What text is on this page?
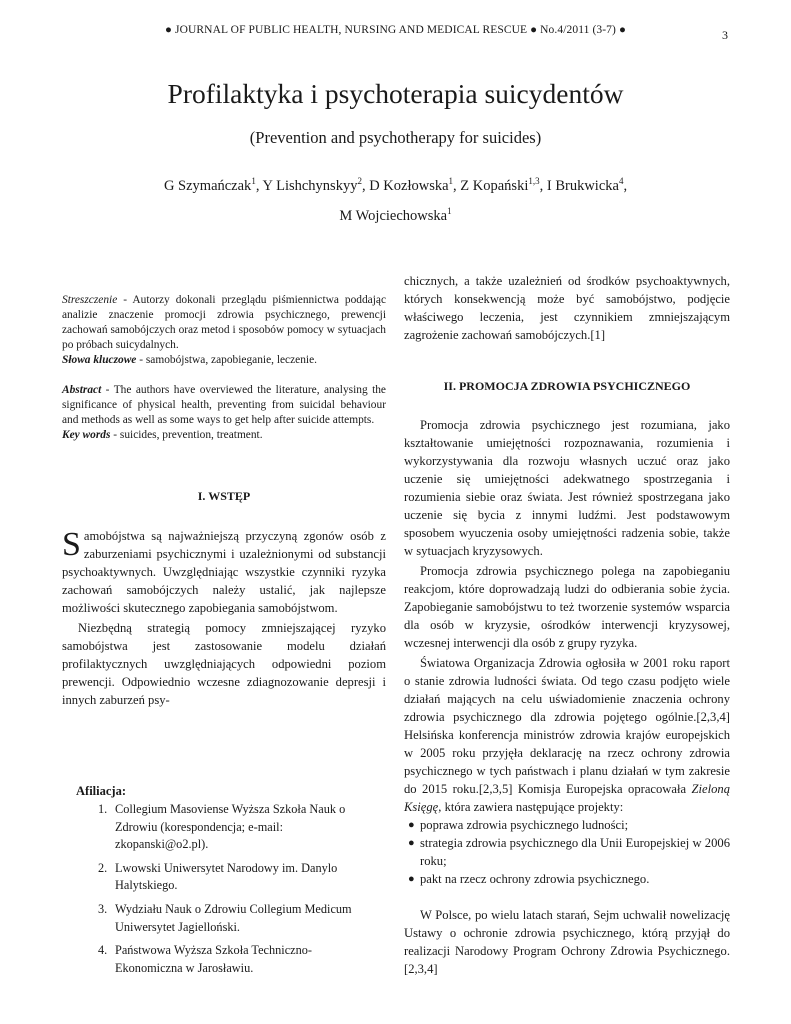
● JOURNAL OF PUBLIC HEALTH, NURSING AND MEDICAL RESCUE ● No.4/2011 (3-7) ●	3
Profilaktyka i psychoterapia suicydentów
(Prevention and psychotherapy for suicides)
G Szymańczak$^1$, Y Lishchynskyy$^2$, D Kozłowska$^1$, Z Kopański$^{1,3}$, I Brukwicka$^4$,
M Wojciechowska$^1$
Streszczenie - Autorzy dokonali przeglądu piśmiennictwa poddając analizie znaczenie promocji zdrowia psychicznego, prewencji zachowań samobójczych oraz metod i sposobów pomocy w sytuacjach po próbach suicydalnych.
Słowa kluczowe - samobójstwa, zapobieganie, leczenie.
Abstract - The authors have overviewed the literature, analysing the significance of physical health, preventing from suicidal behaviour and methods as well as some ways to get help after suicide attempts.
Key words - suicides, prevention, treatment.
I. WSTĘP
Samobójstwa są najważniejszą przyczyną zgonów osób z zaburzeniami psychicznymi i uzależnionymi od substancji psychoaktywnych. Uwzględniając wszystkie czynniki ryzyka zachowań samobójczych należy ustalić, jak najlepsze możliwości skutecznego zapobiegania samobójstwom.
Niezbędną strategią pomocy zmniejszającej ryzyko samobójstwa jest zastosowanie modelu działań profilaktycznych uwzględniających odpowiedni poziom prewencji. Odpowiednio wczesne zdiagnozowanie depresji i innych zaburzeń psy-
Afiliacja:
1. Collegium Masoviense Wyższa Szkoła Nauk o Zdrowiu (korespondencja; e-mail: zkopanski@o2.pl).
2. Lwowski Uniwersytet Narodowy im. Danylo Halytskiego.
3. Wydziału Nauk o Zdrowiu Collegium Medicum Uniwersytet Jagielloński.
4. Państwowa Wyższa Szkoła Techniczno-Ekonomiczna w Jarosławiu.
chicznych, a także uzależnień od środków psychoaktywnych, których konsekwencją może być samobójstwo, podjęcie właściwego leczenia, jest czynnikiem zmniejszającym zagrożenie zachowań samobójczych.[1]
II. PROMOCJA ZDROWIA PSYCHICZNEGO
Promocja zdrowia psychicznego jest rozumiana, jako kształtowanie umiejętności rozpoznawania, rozumienia i wykorzystywania dla rozwoju własnych uczuć oraz jako uczenie się umiejętności adekwatnego spostrzegania i rozumienia siebie oraz świata. Jest również spostrzegana jako uczenie się bycia z innymi ludźmi. Jest podstawowym sposobem wyuczenia osoby umiejętności radzenia sobie, także w sytuacjach kryzysowych.
Promocja zdrowia psychicznego polega na zapobieganiu reakcjom, które doprowadzają ludzi do odbierania sobie życia. Zapobieganie samobójstwu to też tworzenie systemów wsparcia dla osób w kryzysie, ośrodków interwencji kryzysowej, wczesnej interwencji dla osób z grupy ryzyka.
Światowa Organizacja Zdrowia ogłosiła w 2001 roku raport o stanie zdrowia ludności świata. Od tego czasu podjęto wiele działań mających na celu uświadomienie znaczenia ochrony zdrowia psychicznego dla zdrowia pojętego ogólnie.[2,3,4] Helsińska konferencja ministrów zdrowia krajów europejskich w 2005 roku przyjęła deklarację na rzecz ochrony zdrowia psychicznego w tych państwach i planu działań w tym zakresie do 2015 roku.[2,3,5] Komisja Europejska opracowała Zieloną Księgę, która zawiera następujące projekty:
● poprawa zdrowia psychicznego ludności;
● strategia zdrowia psychicznego dla Unii Europejskiej w 2006 roku;
● pakt na rzecz ochrony zdrowia psychicznego.
W Polsce, po wielu latach starań, Sejm uchwalił nowelizację Ustawy o ochronie zdrowia psychicznego, którą przyjął do realizacji Narodowy Program Ochrony Zdrowia Psychicznego. [2,3,4]
